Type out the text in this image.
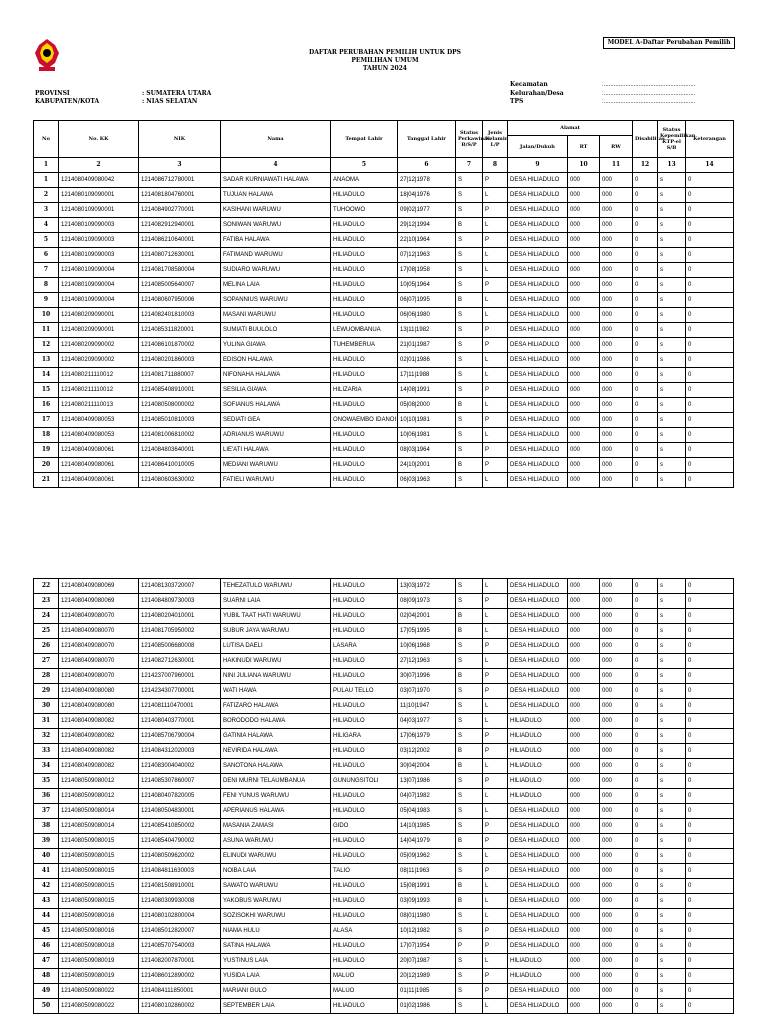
MODEL A-Daftar Perubahan Pemilih
DAFTAR PERUBAHAN PEMILIH UNTUK DPS
PEMILIHAN UMUM
TAHUN 2024
PROVINSI	: SUMATERA UTARA
KABUPATEN/KOTA	: NIAS SELATAN
Kecamatan	:.......................................................
Kelurahan/Desa	:.......................................................
TPS	:.......................................................
No	No. KK	NIK	Nama	Tempat Lahir	Tanggal Lahir	Status Perkawinan B/S/P	Jenis Kelamin L/P	Alamat			Disabilitas	Status Kepemilikan KTP-el S/B	Keterangan
								Jalan/Dukuh	RT	RW			
1	2	3	4	5	6	7	8	9	10	11	12	13	14
1	1214080409080042	1214086712780001	SADAR KURNIAWATI HALAWA	ANAOMA	27|12|1978	S	P	DESA HILIADULO	000	000	0	s	0
2	1214080109090001	1214081804760001	TUJUAN HALAWA	HILIADULO	18|04|1976	S	L	DESA HILIADULO	000	000	0	s	0
3	1214080109090001	1214084902770001	KASIHANI WARUWU	TUHOOWO	09|02|1977	S	P	DESA HILIADULO	000	000	0	s	0
4	1214080109090003	1214082912940001	SONIWAN WARUWU	HILIADULO	29|12|1994	B	L	DESA HILIADULO	000	000	0	s	0
5	1214080109090003	1214086210640001	FATIBA HALAWA	HILIADULO	22|10|1964	S	P	DESA HILIADULO	000	000	0	s	0
6	1214080109090003	1214080712630001	FATIMAND WARUWU	HILIADULO	07|12|1963	S	L	DESA HILIADULO	000	000	0	s	0
7	1214080109090004	1214081708580004	SUDIARO WARUWU	HILIADULO	17|08|1958	S	L	DESA HILIADULO	000	000	0	s	0
8	1214080109090004	1214085005640007	MELINA LAIA	HILIADULO	10|05|1964	S	P	DESA HILIADULO	000	000	0	s	0
9	1214080109090004	1214080607950006	SOPANNIUS WARUWU	HILIADULO	06|07|1995	B	L	DESA HILIADULO	000	000	0	s	0
10	1214080209090001	1214082401810003	MASANI WARUWU	HILIADULO	06|06|1980	S	L	DESA HILIADULO	000	000	0	s	0
11	1214080209090001	1214085311820001	SUMIATI BUULOLO	LEWUOMBANUA	13|11|1982	S	P	DESA HILIADULO	000	000	0	s	0
12	1214080209090002	1214086101870002	YULINA GIAWA	TUHEMBERUA	21|01|1987	S	P	DESA HILIADULO	000	000	0	s	0
13	1214080209090002	1214080201860003	EDISON HALAWA	HILIADULO	02|01|1986	S	L	DESA HILIADULO	000	000	0	s	0
14	1214080211110012	1214081711880007	NIFONAHA HALAWA	HILIADULO	17|11|1988	S	L	DESA HILIADULO	000	000	0	s	0
15	1214080211110012	1214085408910001	SESILIA GIAWA	HILIZARIA	14|08|1991	S	P	DESA HILIADULO	000	000	0	s	0
16	1214080211110013	1214080508000002	SOFIANUS HALAWA	HILIADULO	05|08|2000	B	L	DESA HILIADULO	000	000	0	s	0
17	1214080409080053	1214085010810003	SEDIATI GEA	ONOWAEMBO IDANOI	10|10|1981	S	P	DESA HILIADULO	000	000	0	s	0
18	1214080409080053	1214081006810002	ADRIANUS WARUWU	HILIADULO	10|06|1981	S	L	DESA HILIADULO	000	000	0	s	0
19	1214080409080061	1214084803640001	LIE'ATI HALAWA	HILIADULO	08|03|1964	S	P	DESA HILIADULO	000	000	0	s	0
20	1214080409080061	1214086410010005	MEDIANI WARUWU	HILIADULO	24|10|2001	B	P	DESA HILIADULO	000	000	0	s	0
21	1214080409080061	1214080603630002	FATIELI WARUWU	HILIADULO	06|03|1963	S	L	DESA HILIADULO	000	000	0	s	0
22	1214080409080069	1214081303720007	TEHEZATULO WARUWU	HILIADULO	13|03|1972	S	L	DESA HILIADULO	000	000	0	s	0
23	1214080409080069	1214084809730003	SUARNI LAIA	HILIADULO	08|09|1973	S	P	DESA HILIADULO	000	000	0	s	0
24	1214080409080070	1214080204010001	YUBIL TAAT HATI WARUWU	HILIADULO	02|04|2001	B	L	DESA HILIADULO	000	000	0	s	0
25	1214080409080070	1214081705950002	SUBUR JAYA WARUWU	HILIADULO	17|05|1995	B	L	DESA HILIADULO	000	000	0	s	0
26	1214080409080070	1214085006680008	LUTISA DAELI	LASARA	10|06|1968	S	P	DESA HILIADULO	000	000	0	s	0
27	1214080409080070	1214082712630001	HAKINUDI WARUWU	HILIADULO	27|12|1963	S	L	DESA HILIADULO	000	000	0	s	0
28	1214080409080070	1214237007960001	NINI JULIANA WARUWU	HILIADULO	30|07|1996	B	P	DESA HILIADULO	000	000	0	s	0
29	1214080409080080	1214234307700001	WATI HAWA	PULAU TELLO	03|07|1970	S	P	DESA HILIADULO	000	000	0	s	0
30	1214080409080080	1214081110470001	FATIZARO HALAWA	HILIADULO	11|10|1947	S	L	DESA HILIADULO	000	000	0	s	0
31	1214080409080082	1214080403770001	BORODODO HALAWA	HILIADULO	04|03|1977	S	L	HILIADULO	000	000	0	s	0
32	1214080409080082	1214085706790004	GATINIA HALAWA	HILIGARA	17|06|1979	S	P	HILIADULO	000	000	0	s	0
33	1214080409080082	1214084312020003	NEVIRIDA HALAWA	HILIADULO	03|12|2002	B	P	HILIADULO	000	000	0	s	0
34	1214080409080082	1214083004040002	SANOTONA HALAWA	HILIADULO	30|04|2004	B	L	HILIADULO	000	000	0	s	0
35	1214080509080012	1214085307860007	DENI MURNI TELAUMBANUA	GUNUNGSITOLI	13|07|1986	S	P	HILIADULO	000	000	0	s	0
36	1214080509080012	1214080407820005	FENI YUNUS WARUWU	HILIADULO	04|07|1982	S	L	HILIADULO	000	000	0	s	0
37	1214080509080014	1214080504830001	APERIANUS HALAWA	HILIADULO	05|04|1983	S	L	DESA HILIADULO	000	000	0	s	0
38	1214080509080014	1214085410850002	MASANIA ZAMASI	GIDO	14|10|1985	S	P	DESA HILIADULO	000	000	0	s	0
39	1214080509080015	1214085404790002	ASUNA WARUWU	HILIADULO	14|04|1979	B	P	DESA HILIADULO	000	000	0	s	0
40	1214080509080015	1214080509620002	ELINUDI WARUWU	HILIADULO	05|09|1962	S	L	DESA HILIADULO	000	000	0	s	0
41	1214080509080015	1214084811630003	NOIBA LAIA	TALIO	08|11|1963	S	P	DESA HILIADULO	000	000	0	s	0
42	1214080509080015	1214081508910001	SAWATO WARUWU	HILIADULO	15|08|1991	B	L	DESA HILIADULO	000	000	0	s	0
43	1214080509080015	1214080309930008	YAKOBUS WARUWU	HILIADULO	03|09|1993	B	L	DESA HILIADULO	000	000	0	s	0
44	1214080509080016	1214080102800004	SOZISOKHI WARUWU	HILIADULO	08|01|1980	S	L	DESA HILIADULO	000	000	0	s	0
45	1214080509080016	1214085012820007	NIAMA HULU	ALASA	10|12|1982	S	P	DESA HILIADULO	000	000	0	s	0
46	1214080509080018	1214085707540003	SATINA HALAWA	HILIADULO	17|07|1954	P	P	DESA HILIADULO	000	000	0	s	0
47	1214080509080019	1214082007870001	YUSTINUS LAIA	HILIADULO	20|07|1987	S	L	HILIADULO	000	000	0	s	0
48	1214080509080019	1214086012890002	YUSIDA LAIA	MALUO	20|12|1989	S	P	HILIADULO	000	000	0	s	0
49	1214080509080022	1214084111850001	MARIANI GULO	MALUO	01|11|1985	S	P	DESA HILIADULO	000	000	0	s	0
50	1214080509080022	1214080102860002	SEPTEMBER LAIA	HILIADULO	01|02|1986	S	L	DESA HILIADULO	000	000	0	s	0
